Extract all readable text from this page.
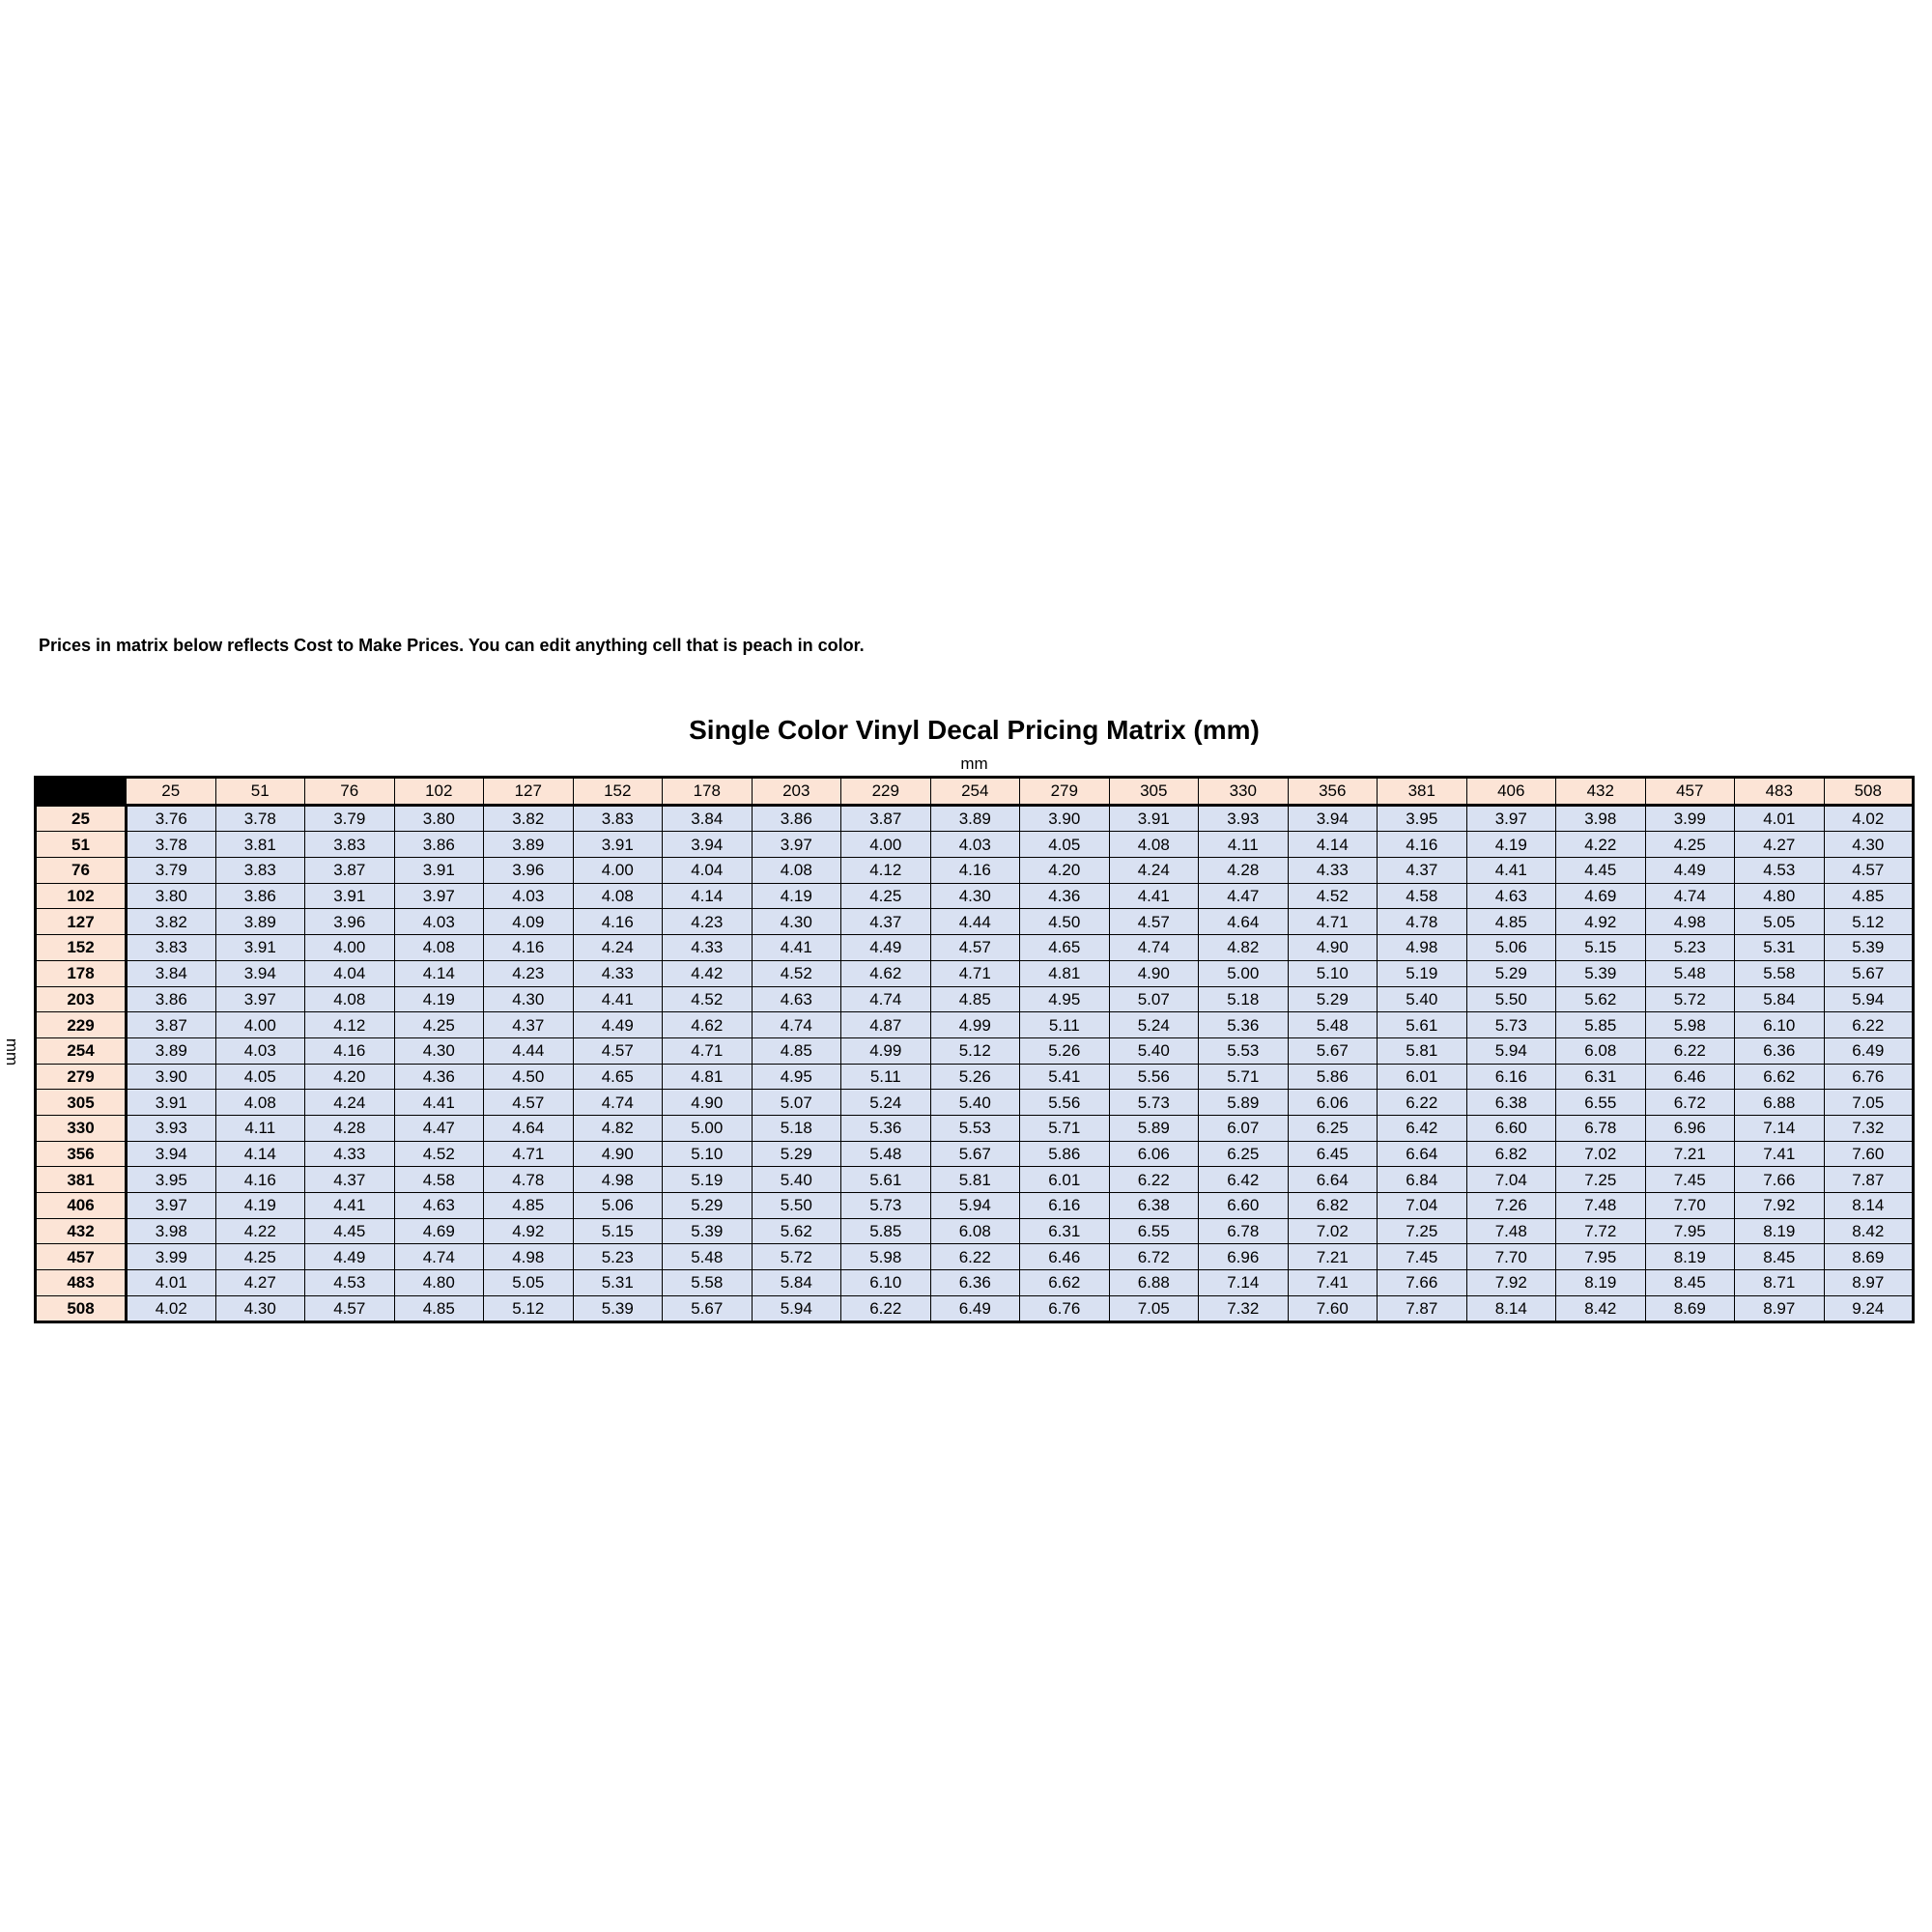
Prices in matrix below reflects Cost to Make Prices. You can edit anything cell that is peach in color.
Single Color Vinyl Decal Pricing Matrix (mm)
mm
mm
	25	51	76	102	127	152	178	203	229	254	279	305	330	356	381	406	432	457	483	508
25	3.76	3.78	3.79	3.80	3.82	3.83	3.84	3.86	3.87	3.89	3.90	3.91	3.93	3.94	3.95	3.97	3.98	3.99	4.01	4.02
51	3.78	3.81	3.83	3.86	3.89	3.91	3.94	3.97	4.00	4.03	4.05	4.08	4.11	4.14	4.16	4.19	4.22	4.25	4.27	4.30
76	3.79	3.83	3.87	3.91	3.96	4.00	4.04	4.08	4.12	4.16	4.20	4.24	4.28	4.33	4.37	4.41	4.45	4.49	4.53	4.57
102	3.80	3.86	3.91	3.97	4.03	4.08	4.14	4.19	4.25	4.30	4.36	4.41	4.47	4.52	4.58	4.63	4.69	4.74	4.80	4.85
127	3.82	3.89	3.96	4.03	4.09	4.16	4.23	4.30	4.37	4.44	4.50	4.57	4.64	4.71	4.78	4.85	4.92	4.98	5.05	5.12
152	3.83	3.91	4.00	4.08	4.16	4.24	4.33	4.41	4.49	4.57	4.65	4.74	4.82	4.90	4.98	5.06	5.15	5.23	5.31	5.39
178	3.84	3.94	4.04	4.14	4.23	4.33	4.42	4.52	4.62	4.71	4.81	4.90	5.00	5.10	5.19	5.29	5.39	5.48	5.58	5.67
203	3.86	3.97	4.08	4.19	4.30	4.41	4.52	4.63	4.74	4.85	4.95	5.07	5.18	5.29	5.40	5.50	5.62	5.72	5.84	5.94
229	3.87	4.00	4.12	4.25	4.37	4.49	4.62	4.74	4.87	4.99	5.11	5.24	5.36	5.48	5.61	5.73	5.85	5.98	6.10	6.22
254	3.89	4.03	4.16	4.30	4.44	4.57	4.71	4.85	4.99	5.12	5.26	5.40	5.53	5.67	5.81	5.94	6.08	6.22	6.36	6.49
279	3.90	4.05	4.20	4.36	4.50	4.65	4.81	4.95	5.11	5.26	5.41	5.56	5.71	5.86	6.01	6.16	6.31	6.46	6.62	6.76
305	3.91	4.08	4.24	4.41	4.57	4.74	4.90	5.07	5.24	5.40	5.56	5.73	5.89	6.06	6.22	6.38	6.55	6.72	6.88	7.05
330	3.93	4.11	4.28	4.47	4.64	4.82	5.00	5.18	5.36	5.53	5.71	5.89	6.07	6.25	6.42	6.60	6.78	6.96	7.14	7.32
356	3.94	4.14	4.33	4.52	4.71	4.90	5.10	5.29	5.48	5.67	5.86	6.06	6.25	6.45	6.64	6.82	7.02	7.21	7.41	7.60
381	3.95	4.16	4.37	4.58	4.78	4.98	5.19	5.40	5.61	5.81	6.01	6.22	6.42	6.64	6.84	7.04	7.25	7.45	7.66	7.87
406	3.97	4.19	4.41	4.63	4.85	5.06	5.29	5.50	5.73	5.94	6.16	6.38	6.60	6.82	7.04	7.26	7.48	7.70	7.92	8.14
432	3.98	4.22	4.45	4.69	4.92	5.15	5.39	5.62	5.85	6.08	6.31	6.55	6.78	7.02	7.25	7.48	7.72	7.95	8.19	8.42
457	3.99	4.25	4.49	4.74	4.98	5.23	5.48	5.72	5.98	6.22	6.46	6.72	6.96	7.21	7.45	7.70	7.95	8.19	8.45	8.69
483	4.01	4.27	4.53	4.80	5.05	5.31	5.58	5.84	6.10	6.36	6.62	6.88	7.14	7.41	7.66	7.92	8.19	8.45	8.71	8.97
508	4.02	4.30	4.57	4.85	5.12	5.39	5.67	5.94	6.22	6.49	6.76	7.05	7.32	7.60	7.87	8.14	8.42	8.69	8.97	9.24
